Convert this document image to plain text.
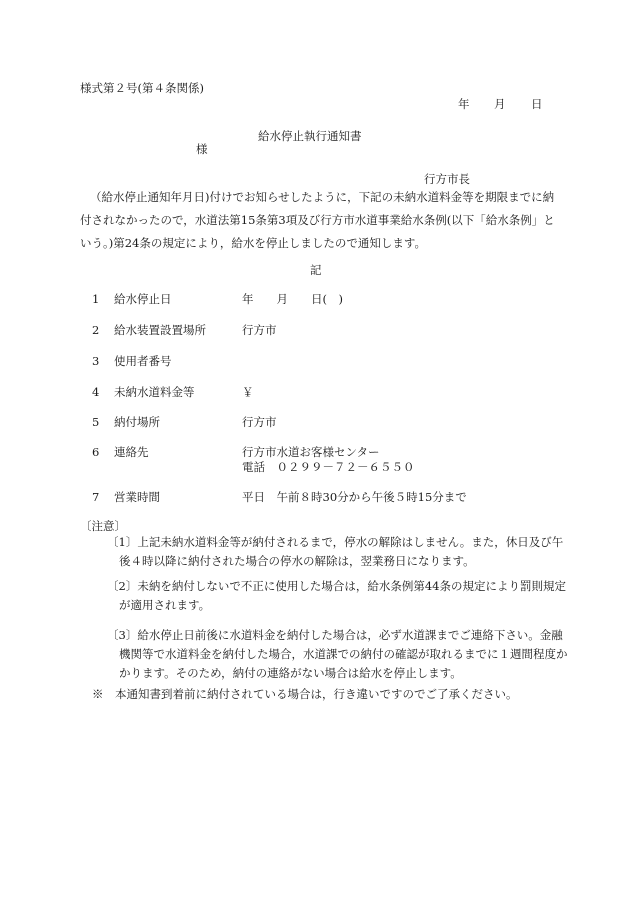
様式第２号(第４条関係)
年 月 日
給水停止執行通知書
様
行方市長
（給水停止通知年月日)付けでお知らせしたように，下記の未納水道料金等を期限までに納付されなかったので，水道法第15条第3項及び行方市水道事業給水条例(以下「給水条例」という。)第24条の規定により，給水を停止しましたので通知します。
記
1 給水停止日	年　　月　　日(　)
2 給水装置設置場所	行方市
3 使用者番号
4 未納水道料金等	￥
5 納付場所	行方市
6 連絡先	行方市水道お客様センター
電話　０２９９－７２－６５５０
7 営業時間	平日　午前８時30分から午後５時15分まで
〔注意〕
〔1〕上記未納水道料金等が納付されるまで，停水の解除はしません。また，休日及び午後４時以降に納付された場合の停水の解除は，翌業務日になります。
〔2〕未納を納付しないで不正に使用した場合は，給水条例第44条の規定により罰則規定が適用されます。
〔3〕給水停止日前後に水道料金を納付した場合は，必ず水道課までご連絡下さい。金融機関等で水道料金を納付した場合，水道課での納付の確認が取れるまでに１週間程度かかります。そのため，納付の連絡がない場合は給水を停止します。
※　本通知書到着前に納付されている場合は，行き違いですのでご了承ください。
